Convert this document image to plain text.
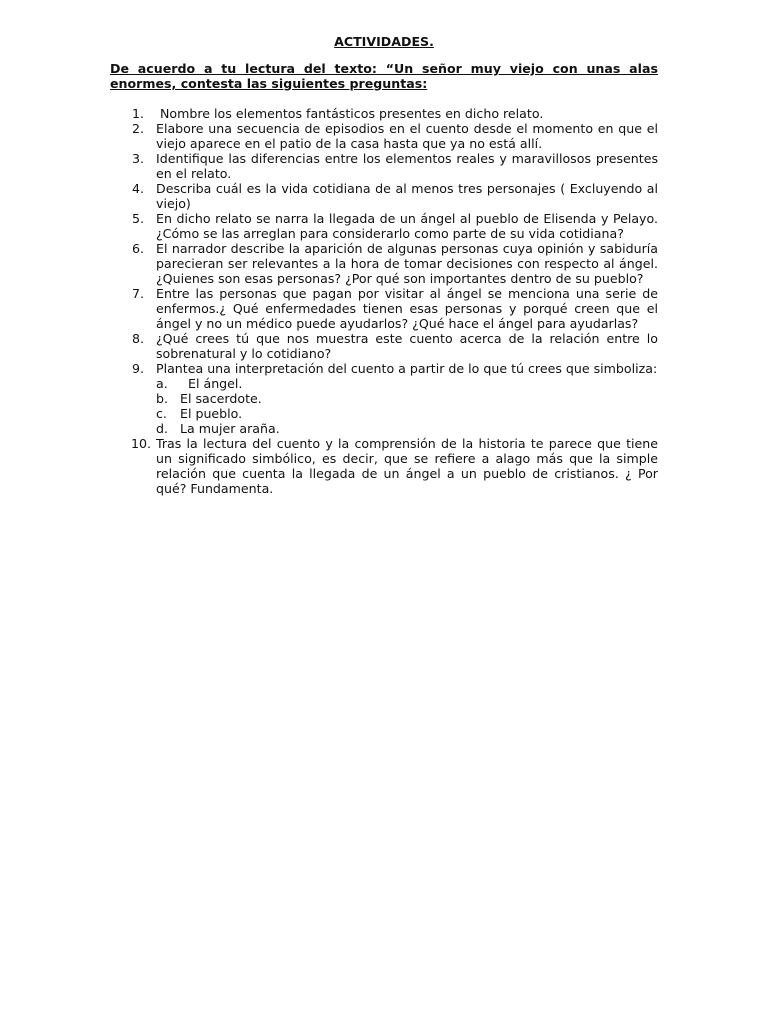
ACTIVIDADES.
De acuerdo a tu lectura del texto: “Un señor muy viejo con unas alas enormes, contesta las siguientes preguntas:
1. Nombre los elementos fantásticos presentes en dicho relato.
2. Elabore una secuencia de episodios en el cuento desde el momento en que el viejo aparece en el patio de la casa hasta que ya no está allí.
3. Identifique las diferencias entre los elementos reales y maravillosos presentes en el relato.
4. Describa cuál es la vida cotidiana de al menos tres personajes ( Excluyendo al viejo)
5. En dicho relato se narra la llegada de un ángel al pueblo de Elisenda y Pelayo. ¿Cómo se las arreglan para considerarlo como parte de su vida cotidiana?
6. El narrador describe la aparición de algunas personas cuya opinión y sabiduría parecieran ser relevantes a la hora de tomar decisiones con respecto al ángel. ¿Quienes son esas personas? ¿Por qué son importantes dentro de su pueblo?
7. Entre las personas que pagan por visitar al ángel se menciona una serie de enfermos.¿ Qué enfermedades tienen esas personas y porqué creen que el ángel y no un médico puede ayudarlos? ¿Qué hace el ángel para ayudarlas?
8. ¿Qué crees tú que nos muestra este cuento acerca de la relación entre lo sobrenatural y lo cotidiano?
9. Plantea una interpretación del cuento a partir de lo que tú crees que simboliza:
a. El ángel.
b. El sacerdote.
c. El pueblo.
d. La mujer araña.
10. Tras la lectura del cuento y la comprensión de la historia te parece que tiene un significado simbólico, es decir, que se refiere a alago más que la simple relación que cuenta la llegada de un ángel a un pueblo de cristianos. ¿ Por qué? Fundamenta.
